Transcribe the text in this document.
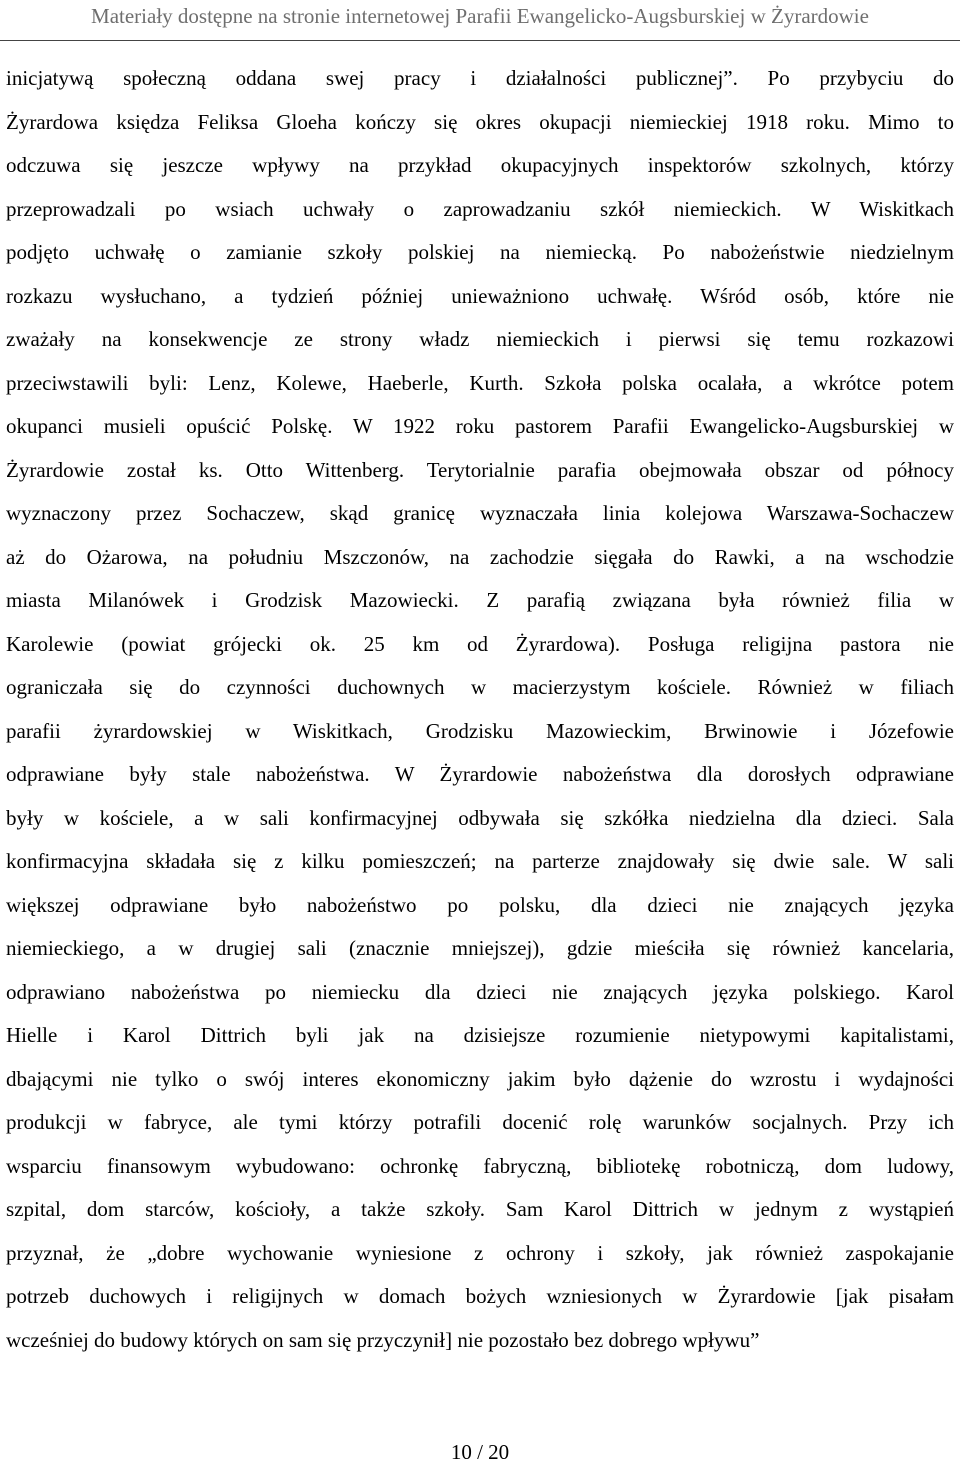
Materiały dostępne na stronie internetowej Parafii Ewangelicko-Augsburskiej w Żyrardowie
inicjatywą społeczną oddana swej pracy i działalności publicznej”. Po przybyciu do
Żyrardowa księdza Feliksa Gloeha kończy się okres okupacji niemieckiej 1918 roku. Mimo to
odczuwa się jeszcze wpływy na przykład okupacyjnych inspektorów szkolnych, którzy
przeprowadzali po wsiach uchwały o zaprowadzaniu szkół niemieckich. W Wiskitkach
podjęto uchwałę o zamianie szkoły polskiej na niemiecką. Po nabożeństwie niedzielnym
rozkazu wysłuchano, a tydzień później unieważniono uchwałę. Wśród osób, które nie
zważały na konsekwencje ze strony władz niemieckich i pierwsi się temu rozkazowi
przeciwstawili byli: Lenz, Kolewe, Haeberle, Kurth. Szkoła polska ocalała, a wkrótce potem
okupanci musieli opuścić Polskę. W 1922 roku pastorem Parafii Ewangelicko-Augsburskiej w
Żyrardowie został ks. Otto Wittenberg. Terytorialnie parafia obejmowała obszar od północy
wyznaczony przez Sochaczew, skąd granicę wyznaczała linia kolejowa Warszawa-Sochaczew
aż do Ożarowa, na południu Mszczonów, na zachodzie sięgała do Rawki, a na wschodzie
miasta Milanówek i Grodzisk Mazowiecki. Z parafią związana była również filia w
Karolewie (powiat grójecki ok. 25 km od Żyrardowa). Posługa religijna pastora nie
ograniczała się do czynności duchownych w macierzystym kościele. Również w filiach
parafii żyrardowskiej w Wiskitkach, Grodzisku Mazowieckim, Brwinowie i Józefowie
odprawiane były stale nabożeństwa. W Żyrardowie nabożeństwa dla dorosłych odprawiane
były w kościele, a w sali konfirmacyjnej odbywała się szkółka niedzielna dla dzieci. Sala
konfirmacyjna składała się z kilku pomieszczeń; na parterze znajdowały się dwie sale. W sali
większej odprawiane było nabożeństwo po polsku, dla dzieci nie znających języka
niemieckiego, a w drugiej sali (znacznie mniejszej), gdzie mieściła się również kancelaria,
odprawiano nabożeństwa po niemiecku dla dzieci nie znających języka polskiego. Karol
Hielle i Karol Dittrich byli jak na dzisiejsze rozumienie nietypowymi kapitalistami,
dbającymi nie tylko o swój interes ekonomiczny jakim było dążenie do wzrostu i wydajności
produkcji w fabryce, ale tymi którzy potrafili docenić rolę warunków socjalnych. Przy ich
wsparciu finansowym wybudowano: ochronkę fabryczną, bibliotekę robotniczą, dom ludowy,
szpital, dom starców, kościoły, a także szkoły. Sam Karol Dittrich w jednym z wystąpień
przyznał, że „dobre wychowanie wyniesione z ochrony i szkoły, jak również zaspokajanie
potrzeb duchowych i religijnych w domach bożych wzniesionych w Żyrardowie [jak pisałam
wcześniej do budowy których on sam się przyczynił] nie pozostało bez dobrego wpływu”
10 / 20
